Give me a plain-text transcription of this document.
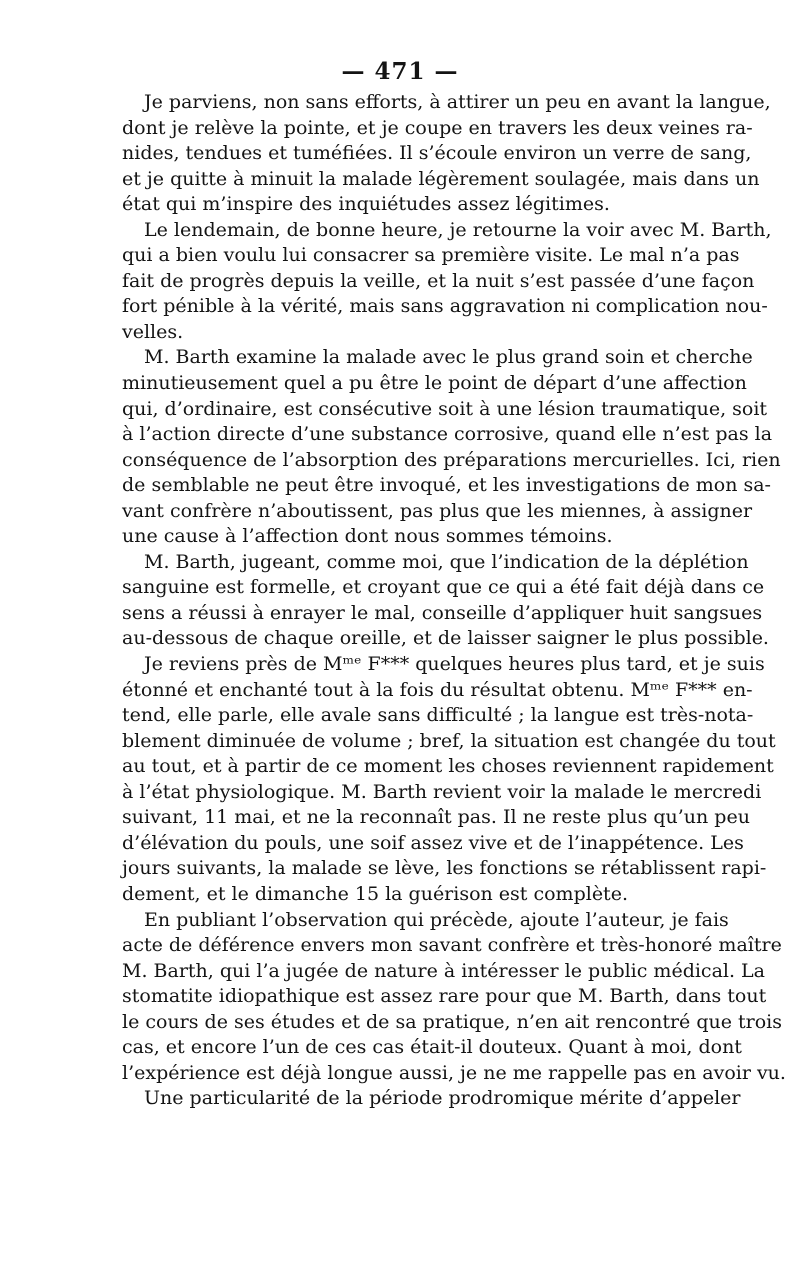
— 471 —
Je parviens, non sans efforts, à attirer un peu en avant la langue,
dont je relève la pointe, et je coupe en travers les deux veines ra-
nides, tendues et tuméfiées. Il s’écoule environ un verre de sang,
et je quitte à minuit la malade légèrement soulagée, mais dans un
état qui m’inspire des inquiétudes assez légitimes.
Le lendemain, de bonne heure, je retourne la voir avec M. Barth,
qui a bien voulu lui consacrer sa première visite. Le mal n’a pas
fait de progrès depuis la veille, et la nuit s’est passée d’une façon
fort pénible à la vérité, mais sans aggravation ni complication nou-
velles.
M. Barth examine la malade avec le plus grand soin et cherche
minutieusement quel a pu être le point de départ d’une affection
qui, d’ordinaire, est consécutive soit à une lésion traumatique, soit
à l’action directe d’une substance corrosive, quand elle n’est pas la
conséquence de l’absorption des préparations mercurielles. Ici, rien
de semblable ne peut être invoqué, et les investigations de mon sa-
vant confrère n’aboutissent, pas plus que les miennes, à assigner
une cause à l’affection dont nous sommes témoins.
M. Barth, jugeant, comme moi, que l’indication de la déplétion
sanguine est formelle, et croyant que ce qui a été fait déjà dans ce
sens a réussi à enrayer le mal, conseille d’appliquer huit sangsues
au-dessous de chaque oreille, et de laisser saigner le plus possible.
Je reviens près de Mᵐᵉ F*** quelques heures plus tard, et je suis
étonné et enchanté tout à la fois du résultat obtenu. Mᵐᵉ F*** en-
tend, elle parle, elle avale sans difficulté ; la langue est très-nota-
blement diminuée de volume ; bref, la situation est changée du tout
au tout, et à partir de ce moment les choses reviennent rapidement
à l’état physiologique. M. Barth revient voir la malade le mercredi
suivant, 11 mai, et ne la reconnaît pas. Il ne reste plus qu’un peu
d’élévation du pouls, une soif assez vive et de l’inappétence. Les
jours suivants, la malade se lève, les fonctions se rétablissent rapi-
dement, et le dimanche 15 la guérison est complète.
En publiant l’observation qui précède, ajoute l’auteur, je fais
acte de déférence envers mon savant confrère et très-honoré maître
M. Barth, qui l’a jugée de nature à intéresser le public médical. La
stomatite idiopathique est assez rare pour que M. Barth, dans tout
le cours de ses études et de sa pratique, n’en ait rencontré que trois
cas, et encore l’un de ces cas était-il douteux. Quant à moi, dont
l’expérience est déjà longue aussi, je ne me rappelle pas en avoir vu.
Une particularité de la période prodromique mérite d’appeler
